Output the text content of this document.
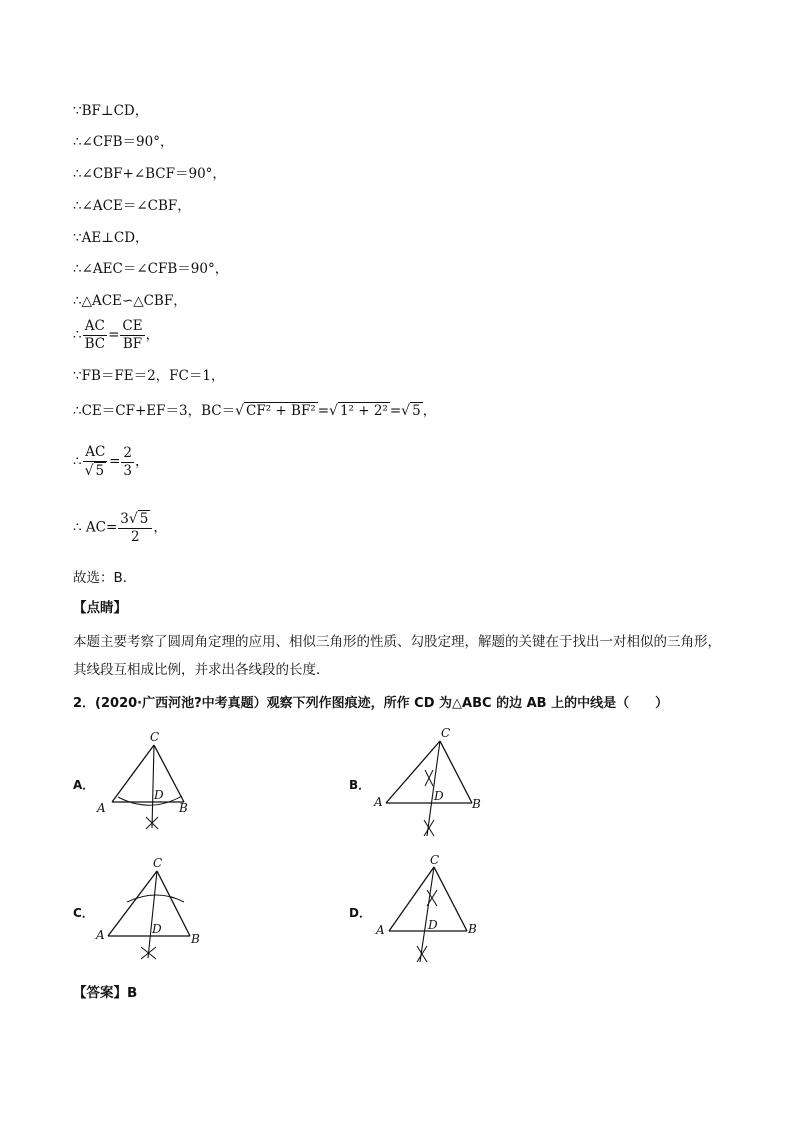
∵BF⊥CD，
∴∠CFB＝90°，
∴∠CBF+∠BCF＝90°，
∴∠ACE＝∠CBF，
∵AE⊥CD，
∴∠AEC＝∠CFB＝90°，
∴△ACE∽△CBF，
∴ $\frac{AC}{BC} = \frac{CE}{BF}$ ，
∵FB＝FE＝2，FC＝1，
∴CE＝CF+EF＝3，BC＝√ CF² + BF² =√ 1² + 2² =√ 5 ，
∴ $\frac{AC}{√ 5} = \frac{2}{3}$ ，
∴ $AC= \frac{3√ 5}{2}$ ，
故选：B．
【点睛】
本题主要考察了圆周角定理的应用、相似三角形的性质、勾股定理，解题的关键在于找出一对相似的三角形，其线段互相成比例，并求出各线段的长度．
2．(2020·广西河池?中考真题）观察下列作图痕迹，所作 CD 为△ABC 的边 AB 上的中线是（　　）
A．
C
A	B
D
B．
C
A	B
D
C．
C
A	B
D
D．
C
A	B
D
【答案】B
